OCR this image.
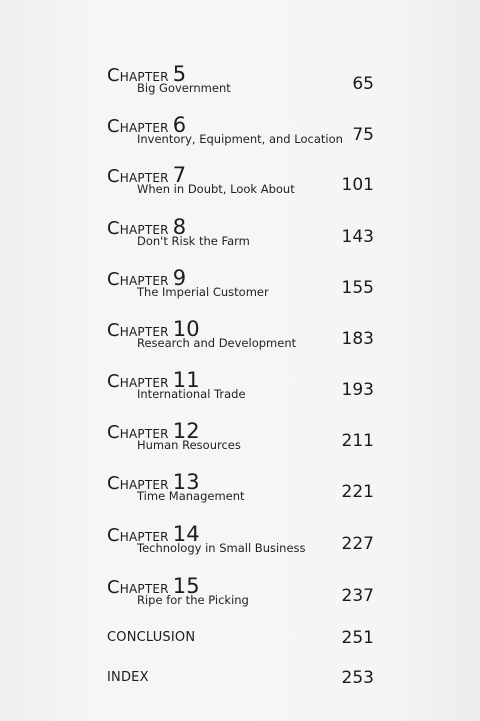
CHAPTER 5
Big Government	65
CHAPTER 6
Inventory, Equipment, and Location 75
CHAPTER 7
When in Doubt, Look About	101
CHAPTER 8
Don't Risk the Farm	143
CHAPTER 9
The Imperial Customer	155
CHAPTER 10
Research and Development	183
CHAPTER 11
International Trade	193
CHAPTER 12
Human Resources	211
CHAPTER 13
Time Management	221
CHAPTER 14
Technology in Small Business 227
CHAPTER 15
Ripe for the Picking	237
CONCLUSION	251
INDEX	253
